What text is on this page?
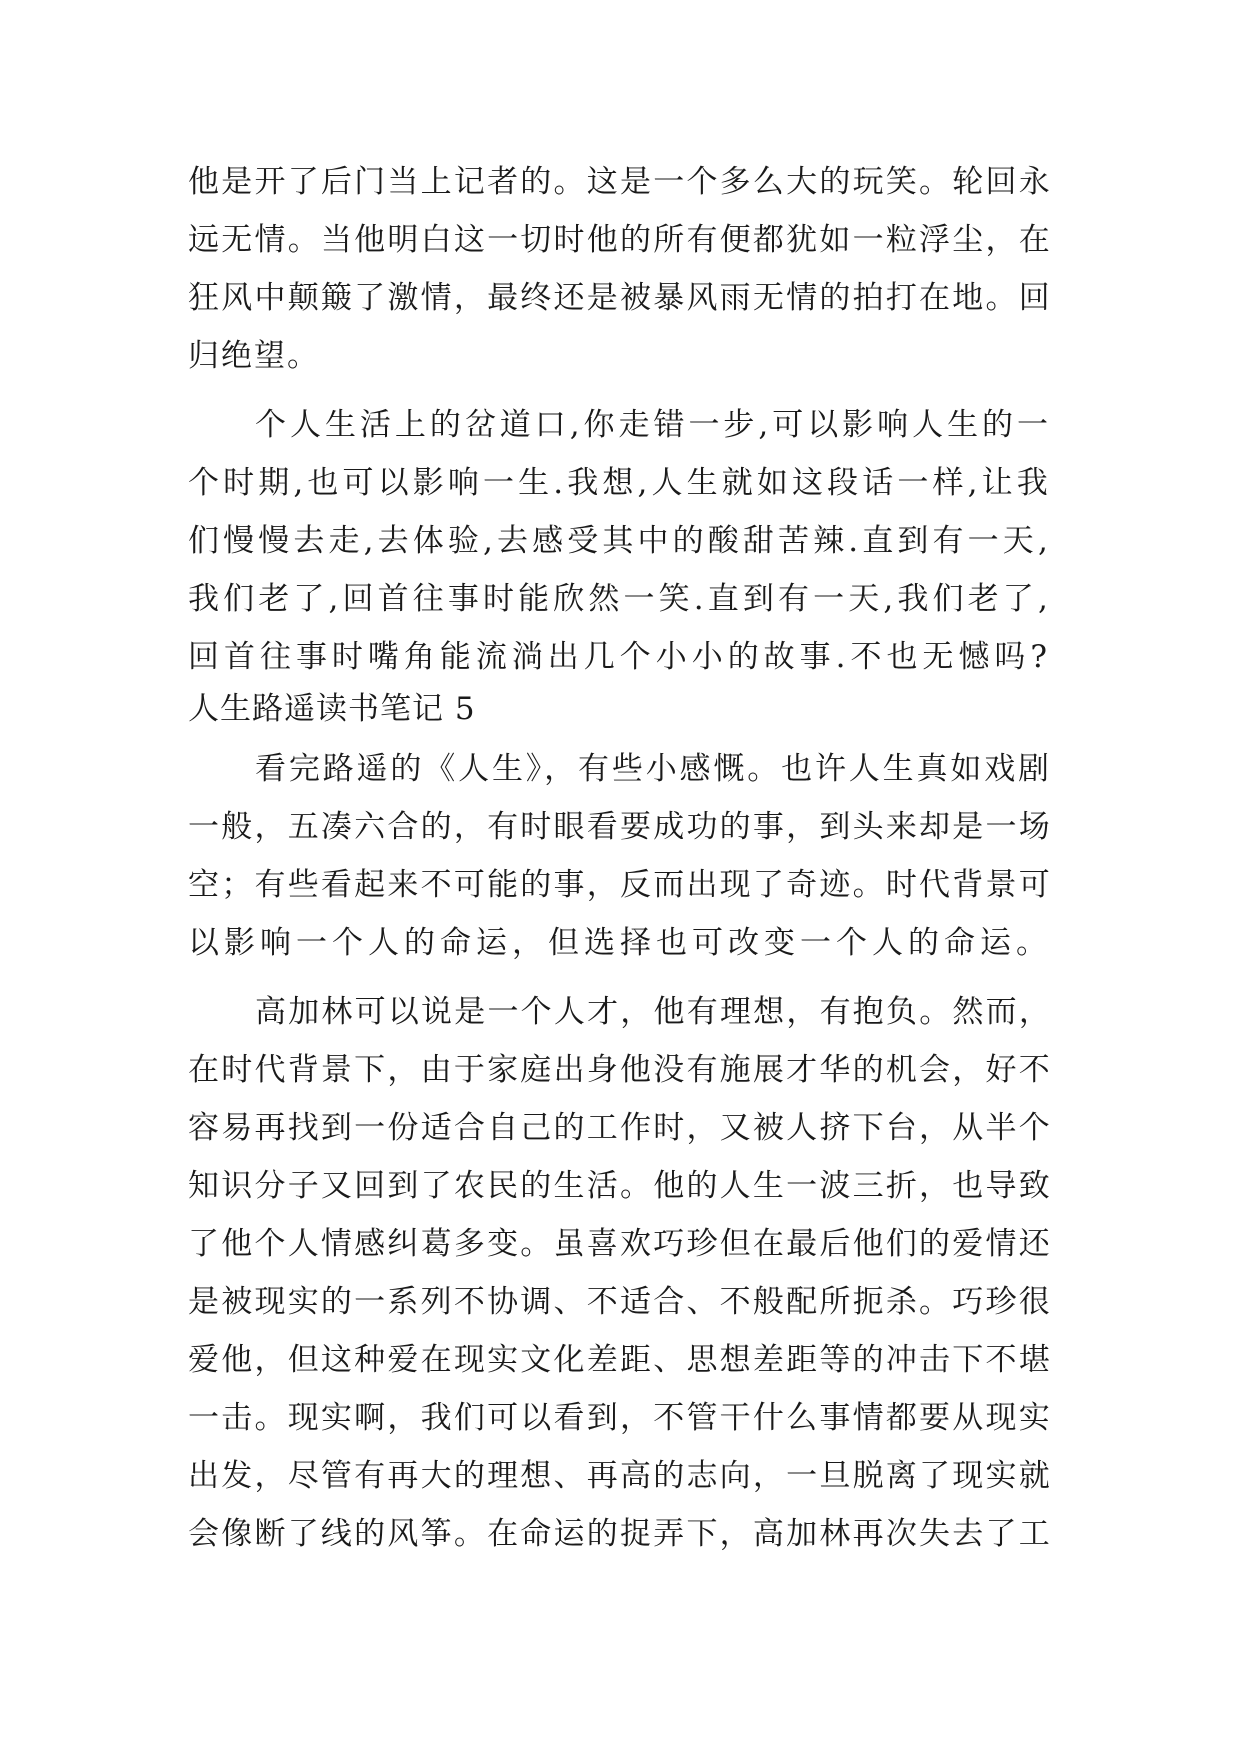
他是开了后门当上记者的。这是一个多么大的玩笑。轮回永

远无情。当他明白这一切时他的所有便都犹如一粒浮尘，在

狂风中颠簸了激情，最终还是被暴风雨无情的拍打在地。回

归绝望。

个人生活上的岔道口,你走错一步,可以影响人生的一

个时期,也可以影响一生.我想,人生就如这段话一样,让我

们慢慢去走,去体验,去感受其中的酸甜苦辣.直到有一天,

我们老了,回首往事时能欣然一笑.直到有一天,我们老了,

回首往事时嘴角能流淌出几个小小的故事.不也无憾吗?

人生路遥读书笔记 5

看完路遥的《人生》，有些小感慨。也许人生真如戏剧

一般，五凑六合的，有时眼看要成功的事，到头来却是一场

空；有些看起来不可能的事，反而出现了奇迹。时代背景可

以影响一个人的命运，但选择也可改变一个人的命运。

高加林可以说是一个人才，他有理想，有抱负。然而，

在时代背景下，由于家庭出身他没有施展才华的机会，好不

容易再找到一份适合自己的工作时，又被人挤下台，从半个

知识分子又回到了农民的生活。他的人生一波三折，也导致

了他个人情感纠葛多变。虽喜欢巧珍但在最后他们的爱情还

是被现实的一系列不协调、不适合、不般配所扼杀。巧珍很

爱他，但这种爱在现实文化差距、思想差距等的冲击下不堪

一击。现实啊，我们可以看到，不管干什么事情都要从现实

出发，尽管有再大的理想、再高的志向，一旦脱离了现实就

会像断了线的风筝。在命运的捉弄下，高加林再次失去了工
